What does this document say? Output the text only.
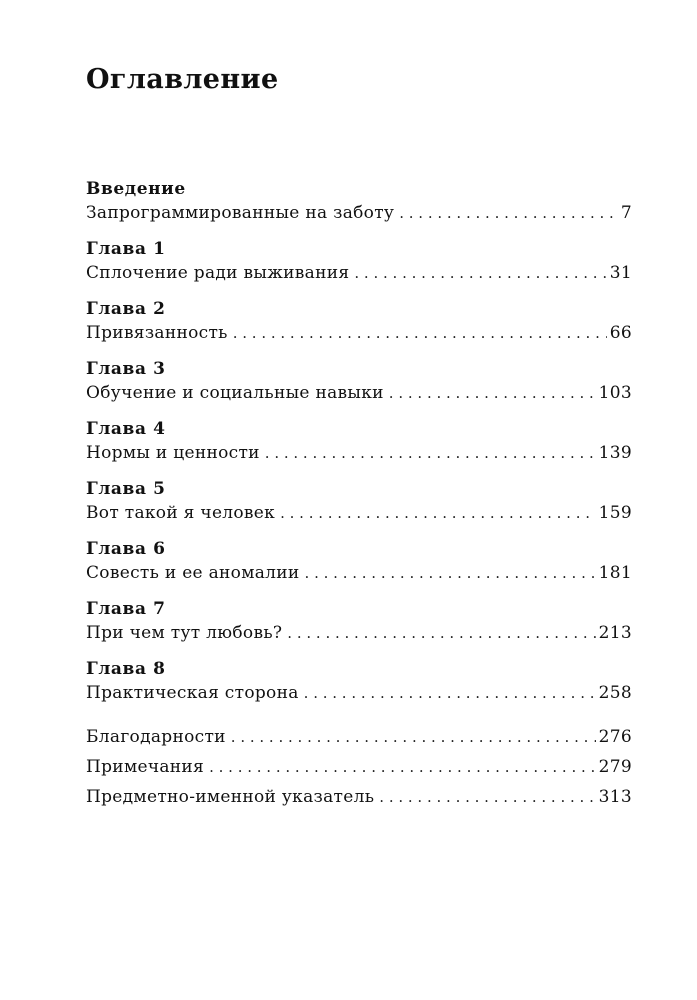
Оглавление
Введение
Запрограммированные на заботу . . .	7
Глава 1
Сплочение ради выживания . . .	31
Глава 2
Привязанность . . .	66
Глава 3
Обучение и социальные навыки . . .	103
Глава 4
Нормы и ценности . . .	139
Глава 5
Вот такой я человек . . .	159
Глава 6
Совесть и ее аномалии . . .	181
Глава 7
При чем тут любовь? . . .	213
Глава 8
Практическая сторона . . .	258
Благодарности . . .	276
Примечания . . .	279
Предметно-именной указатель . . .	313
